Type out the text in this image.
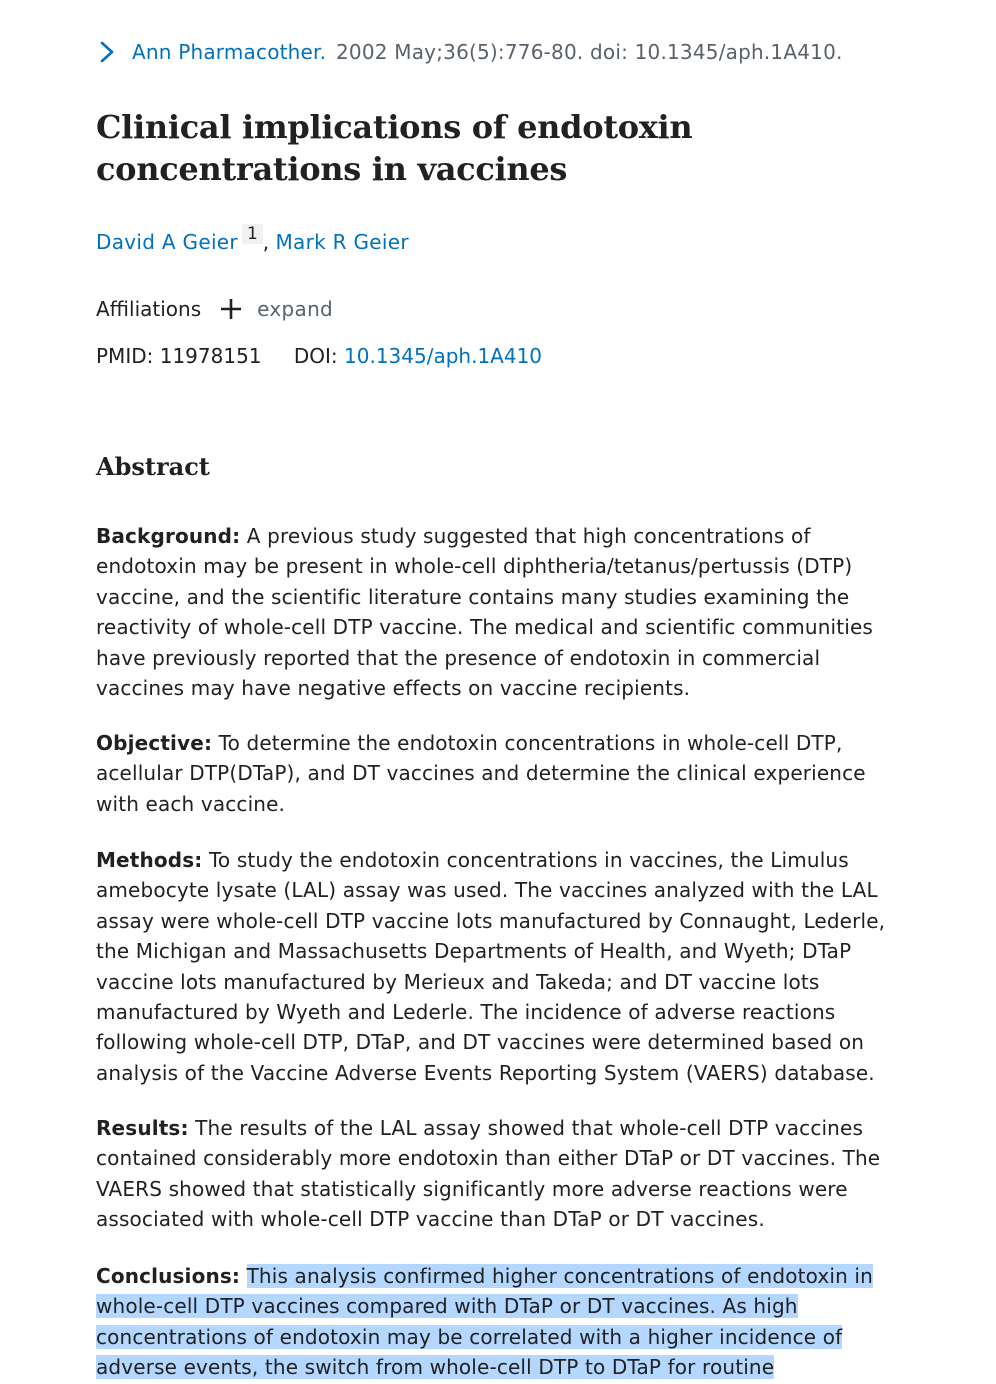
Ann Pharmacother. 2002 May;36(5):776-80. doi: 10.1345/aph.1A410.
Clinical implications of endotoxin concentrations in vaccines
David A Geier 1 , Mark R Geier
Affiliations	expand
PMID: 11978151 DOI: 10.1345/aph.1A410
Abstract

Background: A previous study suggested that high concentrations of endotoxin may be present in whole-cell diphtheria/tetanus/pertussis (DTP) vaccine, and the scientific literature contains many studies examining the reactivity of whole-cell DTP vaccine. The medical and scientific communities have previously reported that the presence of endotoxin in commercial vaccines may have negative effects on vaccine recipients.

Objective: To determine the endotoxin concentrations in whole-cell DTP, acellular DTP(DTaP), and DT vaccines and determine the clinical experience with each vaccine.

Methods: To study the endotoxin concentrations in vaccines, the Limulus amebocyte lysate (LAL) assay was used. The vaccines analyzed with the LAL assay were whole-cell DTP vaccine lots manufactured by Connaught, Lederle, the Michigan and Massachusetts Departments of Health, and Wyeth; DTaP vaccine lots manufactured by Merieux and Takeda; and DT vaccine lots manufactured by Wyeth and Lederle. The incidence of adverse reactions following whole-cell DTP, DTaP, and DT vaccines were determined based on analysis of the Vaccine Adverse Events Reporting System (VAERS) database.

Results: The results of the LAL assay showed that whole-cell DTP vaccines contained considerably more endotoxin than either DTaP or DT vaccines. The VAERS showed that statistically significantly more adverse reactions were associated with whole-cell DTP vaccine than DTaP or DT vaccines.

Conclusions: This analysis confirmed higher concentrations of endotoxin in whole-cell DTP vaccines compared with DTaP or DT vaccines. As high concentrations of endotoxin may be correlated with a higher incidence of adverse events, the switch from whole-cell DTP to DTaP for routine
